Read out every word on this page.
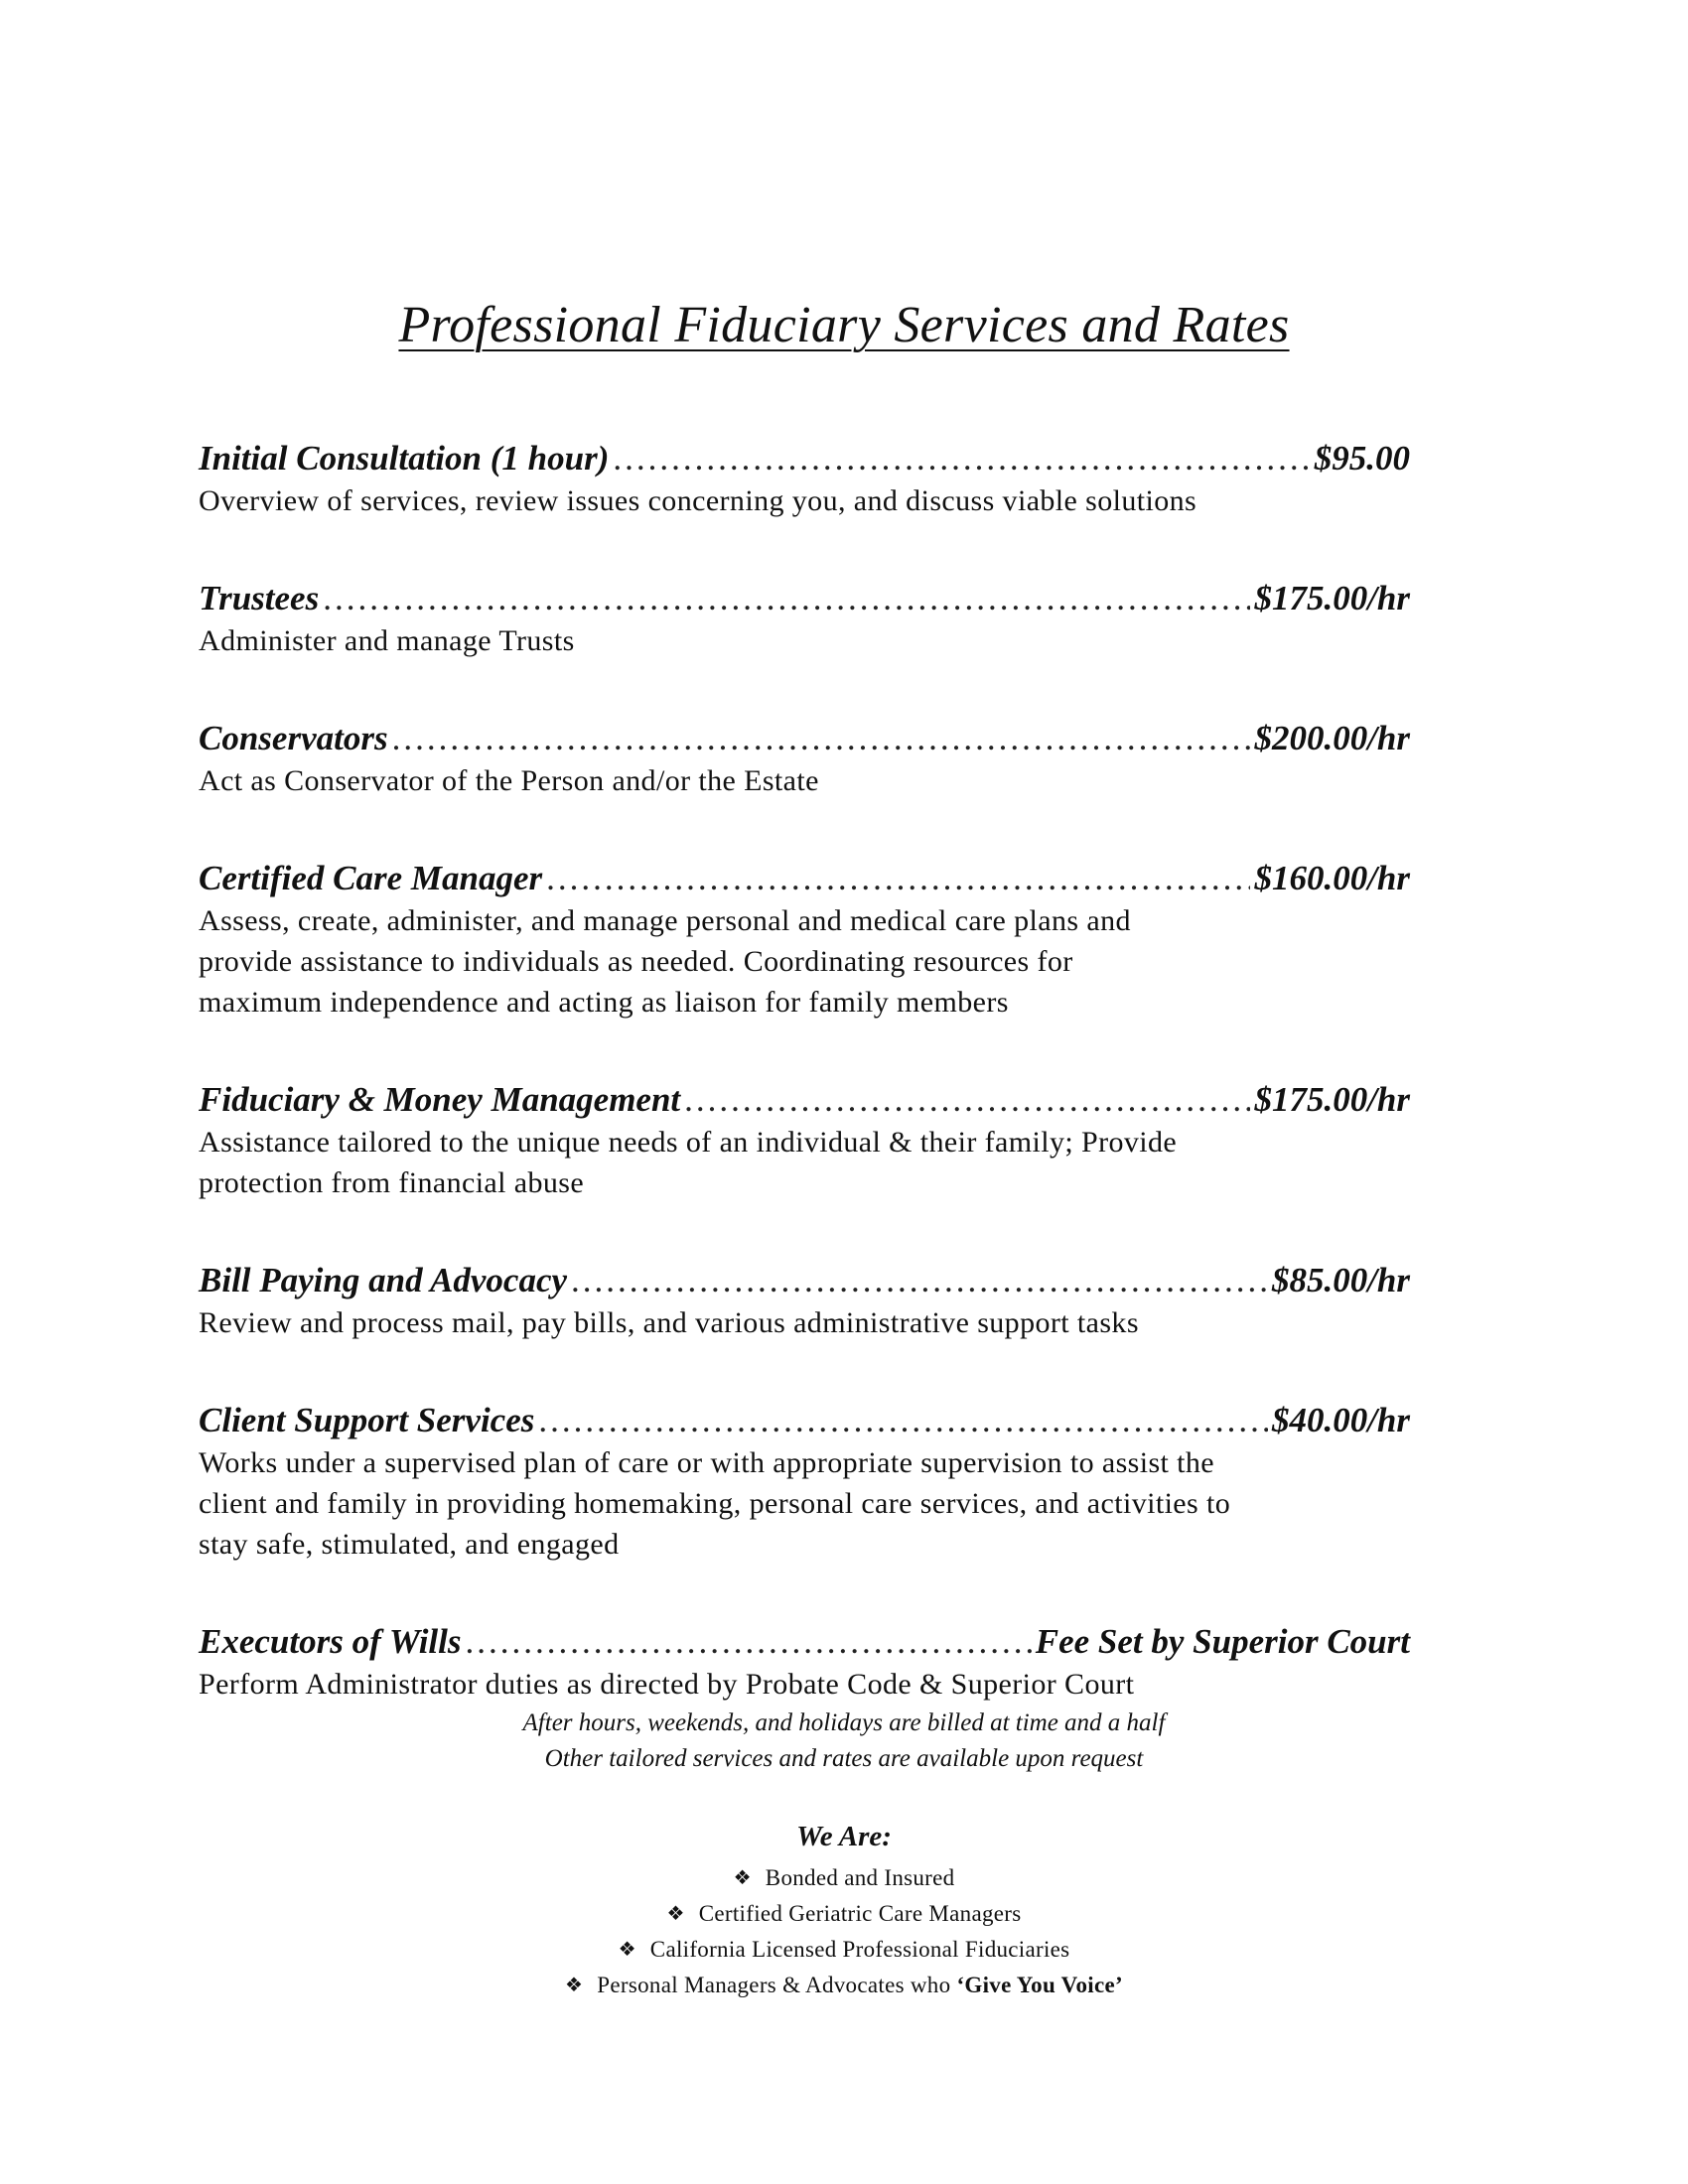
Professional Fiduciary Services and Rates
Initial Consultation (1 hour) .....	$95.00
Overview of services, review issues concerning you, and discuss viable solutions
Trustees .....	$175.00/hr
Administer and manage Trusts
Conservators .....	$200.00/hr
Act as Conservator of the Person and/or the Estate
Certified Care Manager .....	$160.00/hr
Assess, create, administer, and manage personal and medical care plans and
provide assistance to individuals as needed. Coordinating resources for
maximum independence and acting as liaison for family members
Fiduciary & Money Management .....	$175.00/hr
Assistance tailored to the unique needs of an individual & their family; Provide
protection from financial abuse
Bill Paying and Advocacy .....	$85.00/hr
Review and process mail, pay bills, and various administrative support tasks
Client Support Services .....	$40.00/hr
Works under a supervised plan of care or with appropriate supervision to assist the
client and family in providing homemaking, personal care services, and activities to
stay safe, stimulated, and engaged
Executors of Wills .....	Fee Set by Superior Court
Perform Administrator duties as directed by Probate Code & Superior Court
After hours, weekends, and holidays are billed at time and a half
Other tailored services and rates are available upon request
We Are:
❖ Bonded and Insured
❖ Certified Geriatric Care Managers
❖ California Licensed Professional Fiduciaries
❖ Personal Managers & Advocates who ‘Give You Voice’
